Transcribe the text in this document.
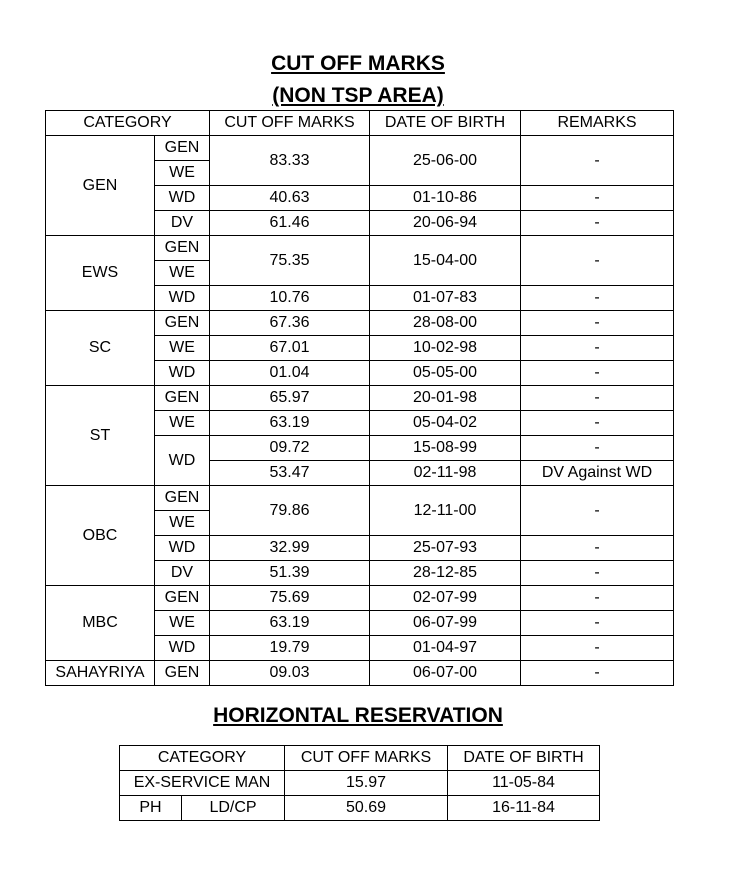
CUT OFF MARKS
(NON TSP AREA)
CATEGORY		CUT OFF MARKS	DATE OF BIRTH	REMARKS
GEN	GEN	83.33	25-06-00	-
	WE			
	WD	40.63	01-10-86	-
	DV	61.46	20-06-94	-
EWS	GEN	75.35	15-04-00	-
	WE			
	WD	10.76	01-07-83	-
SC	GEN	67.36	28-08-00	-
	WE	67.01	10-02-98	-
	WD	01.04	05-05-00	-
ST	GEN	65.97	20-01-98	-
	WE	63.19	05-04-02	-
	WD	09.72	15-08-99	-
		53.47	02-11-98	DV Against WD
OBC	GEN	79.86	12-11-00	-
	WE			
	WD	32.99	25-07-93	-
	DV	51.39	28-12-85	-
MBC	GEN	75.69	02-07-99	-
	WE	63.19	06-07-99	-
	WD	19.79	01-04-97	-
SAHAYRIYA	GEN	09.03	06-07-00	-
HORIZONTAL RESERVATION
CATEGORY		CUT OFF MARKS	DATE OF BIRTH
EX-SERVICE MAN		15.97	11-05-84
PH	LD/CP	50.69	16-11-84
